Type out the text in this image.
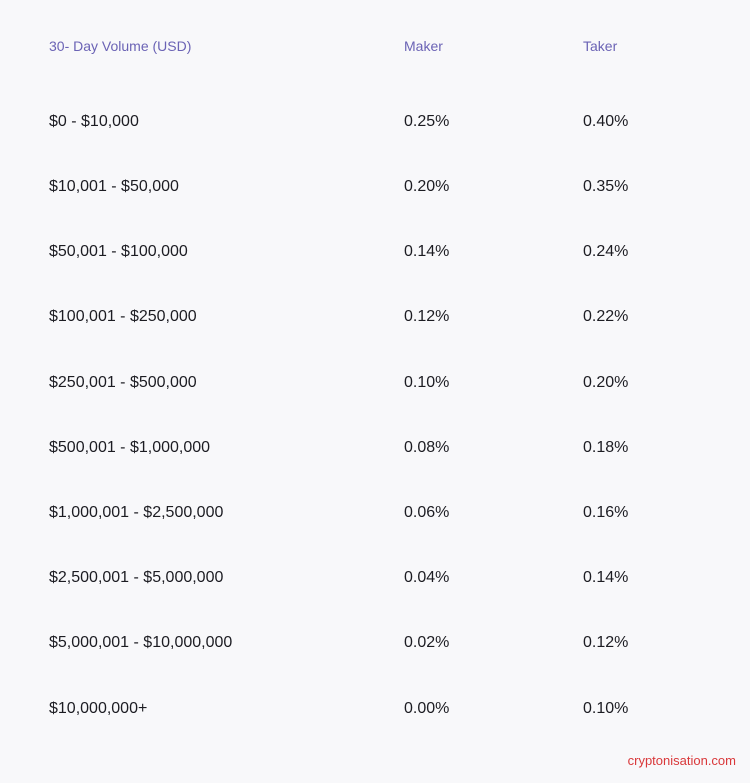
30- Day Volume (USD)	Maker	Taker
$0 - $10,000	0.25%	0.40%
$10,001 - $50,000	0.20%	0.35%
$50,001 - $100,000	0.14%	0.24%
$100,001 - $250,000	0.12%	0.22%
$250,001 - $500,000	0.10%	0.20%
$500,001 - $1,000,000	0.08%	0.18%
$1,000,001 - $2,500,000	0.06%	0.16%
$2,500,001 - $5,000,000	0.04%	0.14%
$5,000,001 - $10,000,000	0.02%	0.12%
$10,000,000+	0.00%	0.10%
cryptonisation.com
